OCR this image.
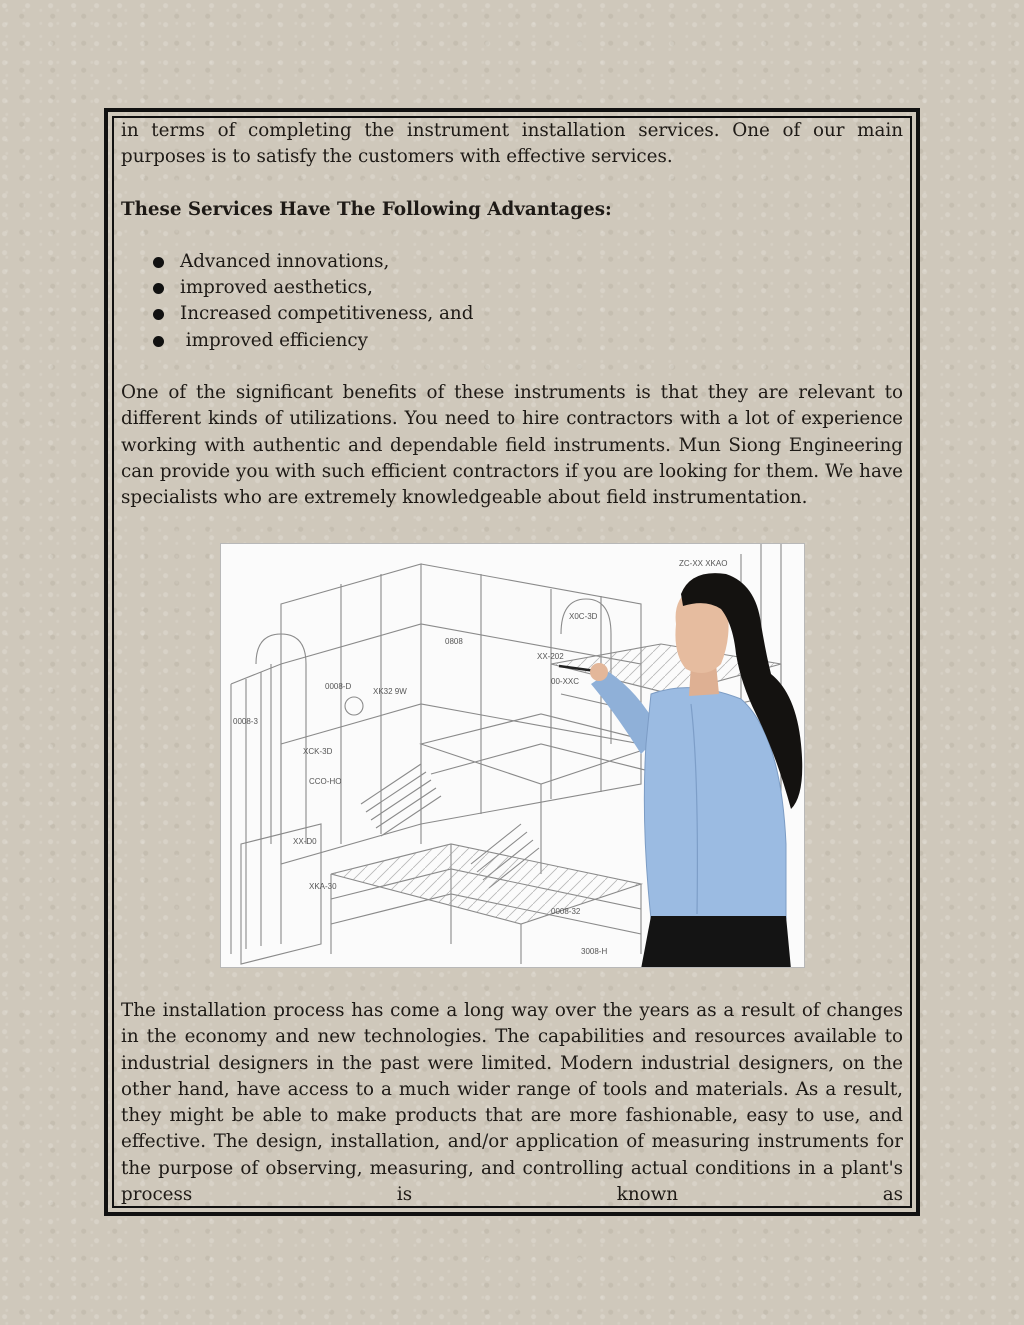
in terms of completing the instrument installation services. One of our main purposes is to satisfy the customers with effective services.

These Services Have The Following Advantages:

Advanced innovations,
improved aesthetics,
Increased competitiveness, and
improved efficiency

One of the significant benefits of these instruments is that they are relevant to different kinds of utilizations. You need to hire contractors with a lot of experience working with authentic and dependable field instruments. Mun Siong Engineering can provide you with such efficient contractors if you are looking for them. We have specialists who are extremely knowledgeable about field instrumentation.

0808
0008-D
0008-3
XCK-3D
CCO-HO
XX-D0
XK32 9W
XX-202
X0C-3D
00-XXC
XKA-30
0008-32
3008-H
ZC-XX XKAO

The installation process has come a long way over the years as a result of changes in the economy and new technologies. The capabilities and resources available to industrial designers in the past were limited. Modern industrial designers, on the other hand, have access to a much wider range of tools and materials. As a result, they might be able to make products that are more fashionable, easy to use, and effective. The design, installation, and/or application of measuring instruments for the purpose of observing, measuring, and controlling actual conditions in a plant's process is known as
